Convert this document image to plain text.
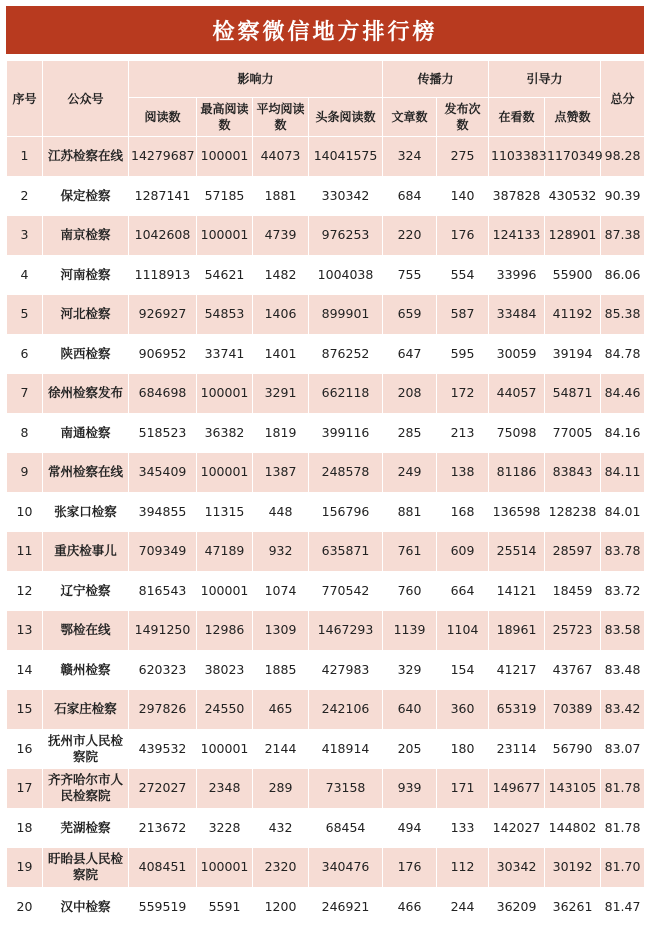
检察微信地方排行榜
序号	公众号	影响力				传播力		引导力		总分
		阅读数	最高阅读数	平均阅读数	头条阅读数	文章数	发布次数	在看数	点赞数	
1	江苏检察在线	14279687	100001	44073	14041575	324	275	1103383	1170349	98.28
2	保定检察	1287141	57185	1881	330342	684	140	387828	430532	90.39
3	南京检察	1042608	100001	4739	976253	220	176	124133	128901	87.38
4	河南检察	1118913	54621	1482	1004038	755	554	33996	55900	86.06
5	河北检察	926927	54853	1406	899901	659	587	33484	41192	85.38
6	陕西检察	906952	33741	1401	876252	647	595	30059	39194	84.78
7	徐州检察发布	684698	100001	3291	662118	208	172	44057	54871	84.46
8	南通检察	518523	36382	1819	399116	285	213	75098	77005	84.16
9	常州检察在线	345409	100001	1387	248578	249	138	81186	83843	84.11
10	张家口检察	394855	11315	448	156796	881	168	136598	128238	84.01
11	重庆检事儿	709349	47189	932	635871	761	609	25514	28597	83.78
12	辽宁检察	816543	100001	1074	770542	760	664	14121	18459	83.72
13	鄂检在线	1491250	12986	1309	1467293	1139	1104	18961	25723	83.58
14	赣州检察	620323	38023	1885	427983	329	154	41217	43767	83.48
15	石家庄检察	297826	24550	465	242106	640	360	65319	70389	83.42
16	抚州市人民检察院	439532	100001	2144	418914	205	180	23114	56790	83.07
17	齐齐哈尔市人民检察院	272027	2348	289	73158	939	171	149677	143105	81.78
18	芜湖检察	213672	3228	432	68454	494	133	142027	144802	81.78
19	盱眙县人民检察院	408451	100001	2320	340476	176	112	30342	30192	81.70
20	汉中检察	559519	5591	1200	246921	466	244	36209	36261	81.47
